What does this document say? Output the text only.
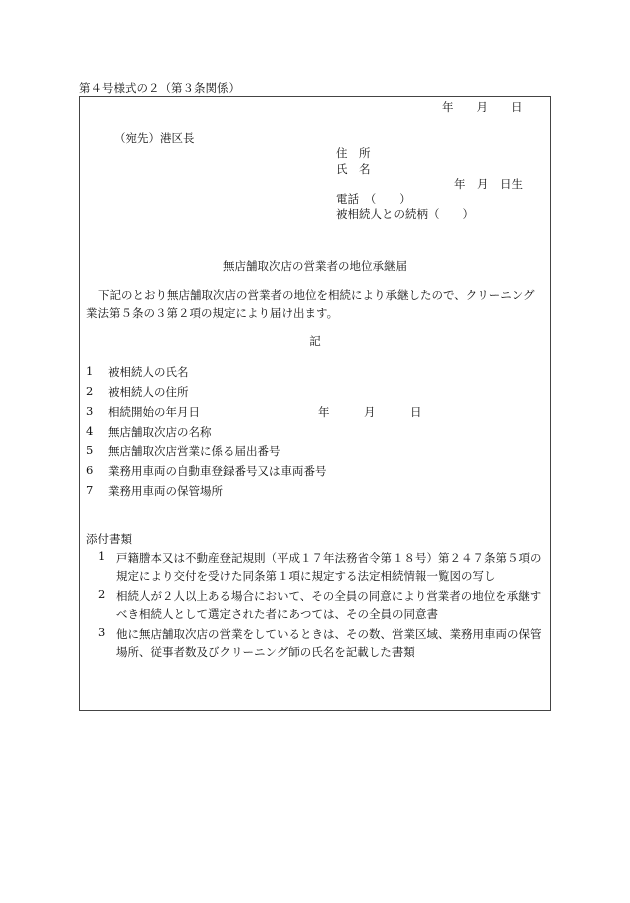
第４号様式の２（第３条関係）
年　　月　　日
（宛先）港区長
住　所
氏　名
年　月　日生
電話　（　　）
被相続人との続柄（　　）
無店舗取次店の営業者の地位承継届
下記のとおり無店舗取次店の営業者の地位を相続により承継したので、クリーニング業法第５条の３第２項の規定により届け出ます。
記
1 被相続人の氏名
2 被相続人の住所
3 相続開始の年月日	年　　　月　　　日
4 無店舗取次店の名称
5 無店舗取次店営業に係る届出番号
6 業務用車両の自動車登録番号又は車両番号
7 業務用車両の保管場所
添付書類
1 戸籍謄本又は不動産登記規則（平成１７年法務省令第１８号）第２４７条第５項の規定により交付を受けた同条第１項に規定する法定相続情報一覧図の写し
2 相続人が２人以上ある場合において、その全員の同意により営業者の地位を承継すべき相続人として選定された者にあつては、その全員の同意書
3 他に無店舗取次店の営業をしているときは、その数、営業区域、業務用車両の保管場所、従事者数及びクリーニング師の氏名を記載した書類
